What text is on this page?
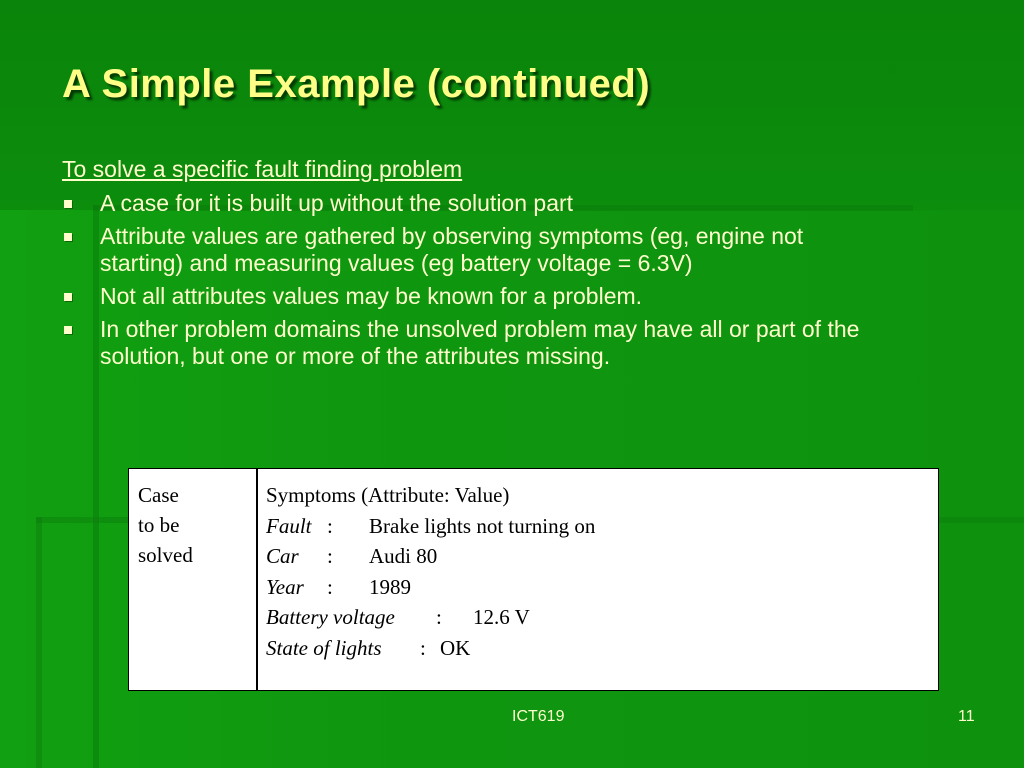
A Simple Example (continued)
To solve a specific fault finding problem
A case for it is built up without the solution part
Attribute values are gathered by observing symptoms (eg, engine not starting) and measuring values (eg battery voltage = 6.3V)
Not all attributes values may be known for a problem.
In other problem domains the unsolved problem may have all or part of the solution, but one or more of the attributes missing.
Case
to be
solved
Symptoms (Attribute: Value)
Fault : Brake lights not turning on
Car : Audi 80
Year : 1989
Battery voltage : 12.6 V
State of lights : OK
ICT619	11
